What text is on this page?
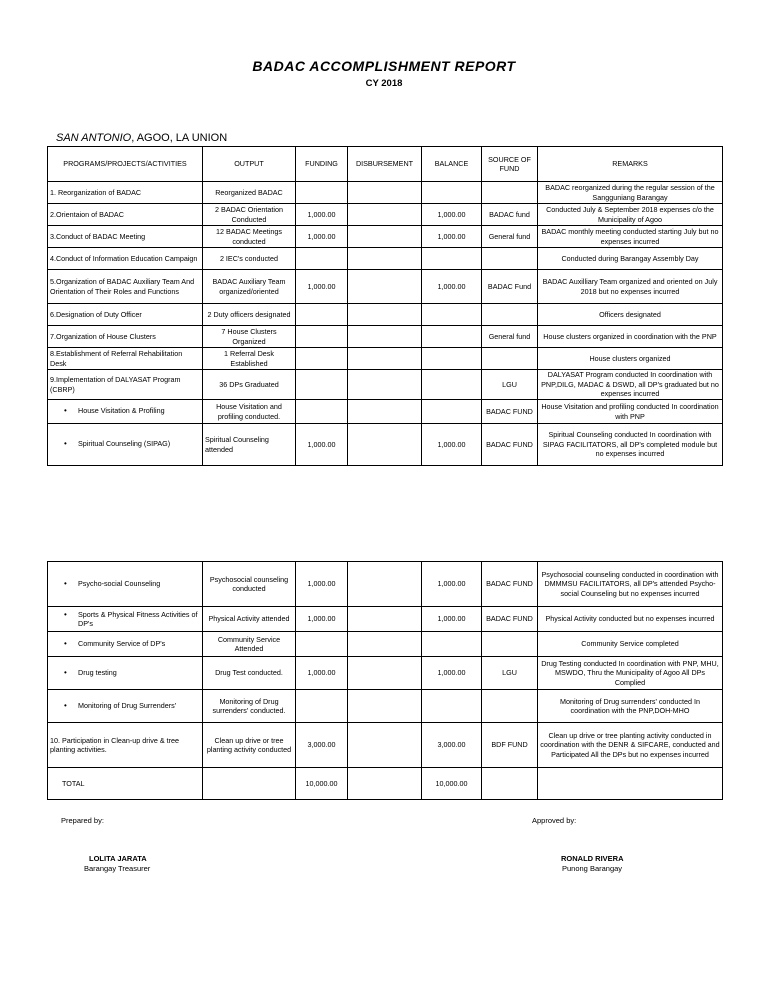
BADAC ACCOMPLISHMENT REPORT
CY 2018
SAN ANTONIO, AGOO, LA UNION
PROGRAMS/PROJECTS/ACTIVITIES	OUTPUT	FUNDING	DISBURSEMENT	BALANCE	SOURCE OF FUND	REMARKS
1. Reorganization of BADAC	Reorganized BADAC					BADAC reorganized during the regular session of the Sangguniang Barangay
2.Orientaion of BADAC	2 BADAC Orientation Conducted	1,000.00		1,000.00	BADAC fund	Conducted July & September 2018 expenses c/o the Municipality of Agoo
3.Conduct of BADAC Meeting	12 BADAC Meetings conducted	1,000.00		1,000.00	General fund	BADAC monthly meeting conducted starting July but no expenses incurred
4.Conduct of Information Education Campaign	2 IEC's conducted					Conducted during Barangay Assembly Day
5.Organization of BADAC Auxiliary Team And Orientation of Their Roles and Functions	BADAC Auxiliary Team organized/oriented	1,000.00		1,000.00	BADAC Fund	BADAC Auxilliary Team organized and oriented on July 2018 but no expenses incurred
6.Designation of Duty Officer	2 Duty officers designated					Officers designated
7.Organization of House Clusters	7 House Clusters Organized				General fund	House clusters organized in coordination with the PNP
8.Establishment of Referral Rehabilitation Desk	1 Referral Desk Established					House clusters organized
9.Implementation of DALYASAT Program (CBRP)	36 DPs Graduated				LGU	DALYASAT Program conducted In coordination with PNP,DILG, MADAC & DSWD, all DP's graduated but no expenses incurred

• House Visitation & Profiling	House Visitation and profiling conducted.				BADAC FUND	House Visitation and profiling conducted In coordination with PNP

• Spiritual Counseling (SIPAG)	Spiritual Counseling attended	1,000.00		1,000.00	BADAC FUND	Spiritual Counseling conducted In coordination with SIPAG FACILITATORS, all DP's completed module but no expenses incurred
• Psycho-social Counseling	Psychosocial counseling conducted	1,000.00		1,000.00	BADAC FUND	Psychosocial counseling conducted in coordination with DMMMSU FACILITATORS, all DP's attended Psycho-social Counseling but no expenses incurred

• Sports & Physical Fitness Activities of DP's	Physical Activity attended	1,000.00		1,000.00	BADAC FUND	Physical Activity conducted but no expenses incurred

• Community Service of DP's	Community Service Attended					Community Service completed

• Drug testing	Drug Test conducted.	1,000.00		1,000.00	LGU	Drug Testing conducted In coordination with PNP, MHU, MSWDO, Thru the Municipality of Agoo All DPs Complied

• Monitoring of Drug Surrenders'	Monitoring of Drug surrenders' conducted.					Monitoring of Drug surrenders' conducted In coordination with the PNP,DOH-MHO
10. Participation in Clean-up drive & tree planting activities.	Clean up drive or tree planting activity conducted	3,000.00		3,000.00	BDF FUND	Clean up drive or tree planting activity conducted in coordination with the DENR & SIFCARE, conducted and Participated All the DPs but no expenses incurred
TOTAL		10,000.00		10,000.00		
Prepared by:	Approved by:
LOLITA JARATA
Barangay Treasurer
RONALD RIVERA
Punong Barangay
